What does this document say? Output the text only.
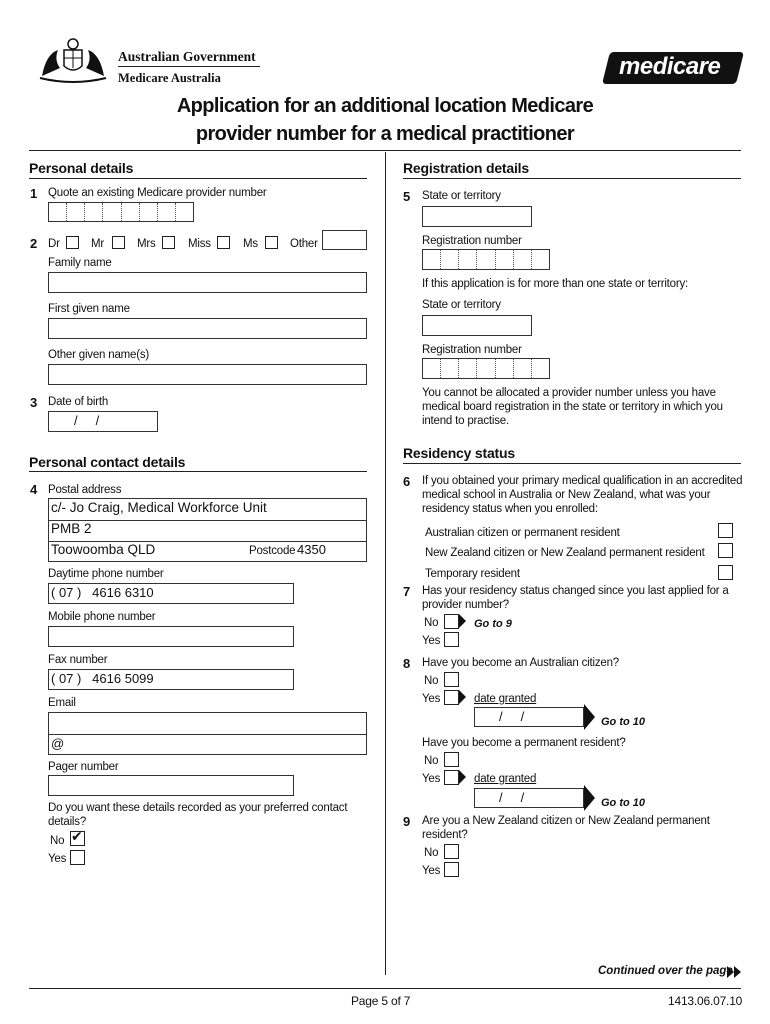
Australian Government
Medicare Australia	medicare
Application for an additional location Medicare
provider number for a medical practitioner
Personal details
1 Quote an existing Medicare provider number
2 Dr	Mr	Mrs	Miss	Ms	Other
Family name
First given name
Other given name(s)
3 Date of birth
/     /
Personal contact details
4 Postal address
c/- Jo Craig, Medical Workforce Unit
PMB 2
Toowoomba QLD	Postcode 4350
Daytime phone number
( 07 )   4616 6310
Mobile phone number
Fax number
( 07 )   4616 5099
Email
@
Pager number
Do you want these details recorded as your preferred contact
details?
No ✔
Yes
Registration details
5 State or territory
Registration number
If this application is for more than one state or territory:
State or territory
Registration number
You cannot be allocated a provider number unless you have
medical board registration in the state or territory in which you
intend to practise.
Residency status
6 If you obtained your primary medical qualification in an accredited
medical school in Australia or New Zealand, what was your
residency status when you enrolled:
Australian citizen or permanent resident
New Zealand citizen or New Zealand permanent resident
Temporary resident
7 Has your residency status changed since you last applied for a
provider number?
No	Go to 9
Yes
8 Have you become an Australian citizen?
No
Yes	date granted
/     /	Go to 10
Have you become a permanent resident?
No
Yes	date granted
/     /	Go to 10
9 Are you a New Zealand citizen or New Zealand permanent
resident?
No
Yes
Continued over the page
Page 5 of 7	1413.06.07.10
